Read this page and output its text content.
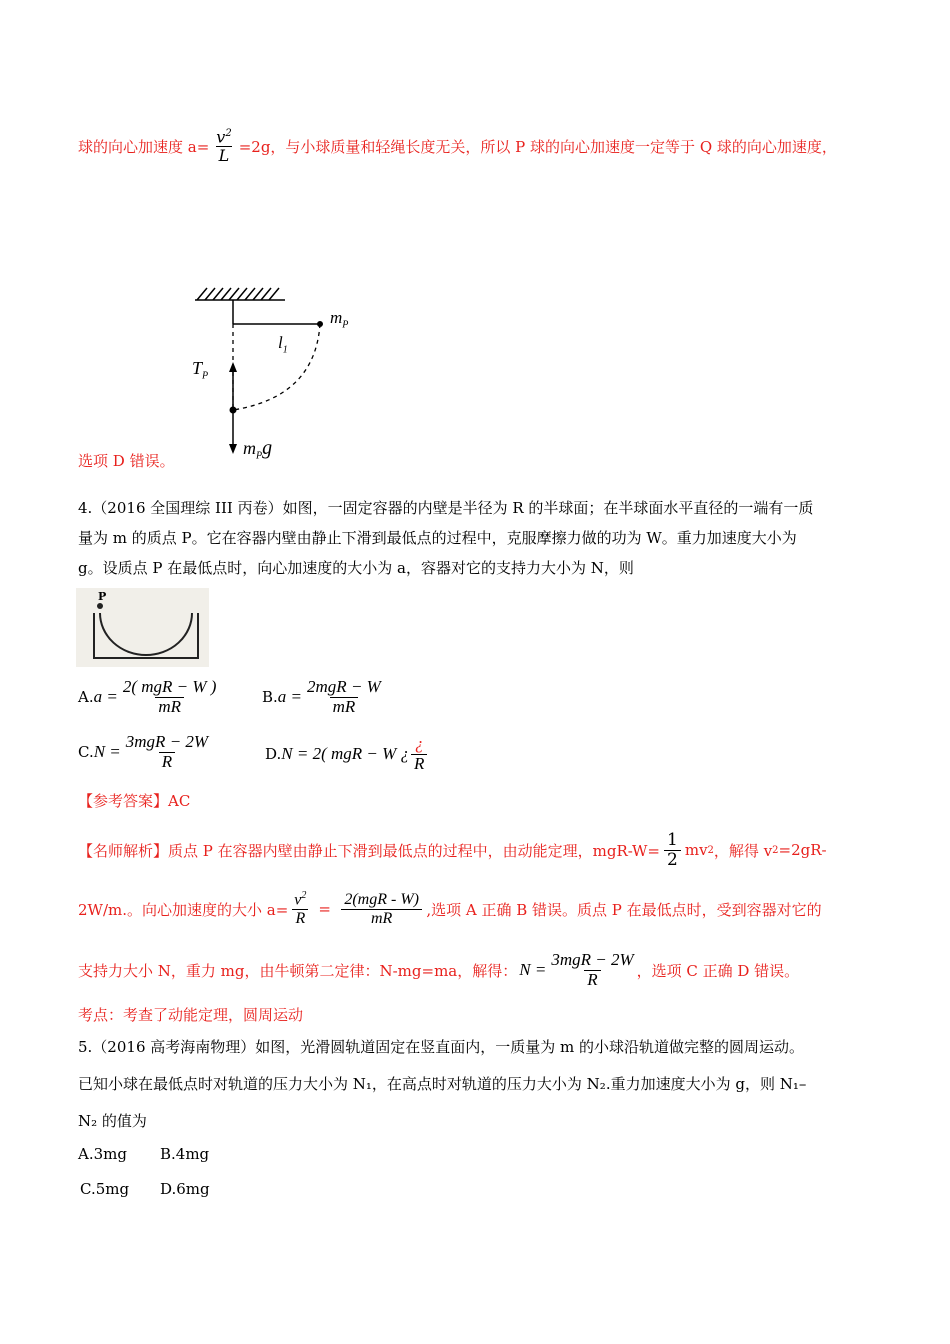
球的向心加速度 $a= \frac{v^2}{L} =2g$，与小球质量和轻绳长度无关，所以 P 球的向心加速度一定等于 Q 球的向心加速度，
$m_P$
$l_1$
$T_P$
$m_Pg$
选项 D 错误。
4.（2016 全国理综 III 丙卷）如图，一固定容器的内壁是半径为 R 的半球面；在半球面水平直径的一端有一质
量为 m 的质点 P。它在容器内壁由静止下滑到最低点的过程中，克服摩擦力做的功为 W。重力加速度大小为
g。设质点 P 在最低点时，向心加速度的大小为 a，容器对它的支持力大小为 N，则
P
A. $a = \frac{\text{2( mgR − W )}}{mR}$	B. $a = \frac{\text{2mgR − W}}{mR}$
C. $N = \frac{\text{3mgR − 2W}}{R}$	D. N = 2( mgR − W ¿ $\frac{¿}{R}$
【参考答案】AC
【名师解析】 质点 P 在容器内壁由静止下滑到最低点的过程中，由动能定理，$mgR-W= \frac{1}{2}$ mv 2 ，解得 v 2 =2gR-
2W/m.。向心加速度的大小 $a= \frac{v^2}{R} = \frac{\text{2(mgR - W)}}{mR}$ ,选项 A 正确 B 错误。质点 P 在最低点时，受到容器对它的
支持力大小 N，重力 mg，由牛顿第二定律：N-mg=ma，解得： $N = \frac{\text{3mgR − 2W}}{R}$ ，选项 C 正确 D 错误。
考点：考查了动能定理，圆周运动
5.（2016 高考海南物理）如图，光滑圆轨道固定在竖直面内，一质量为 m 的小球沿轨道做完整的圆周运动。
已知小球在最低点时对轨道的压力大小为 N₁，在高点时对轨道的压力大小为 N₂.重力加速度大小为 g，则 N₁–
N₂ 的值为
A.3mg B.4mg
C.5mg D.6mg
